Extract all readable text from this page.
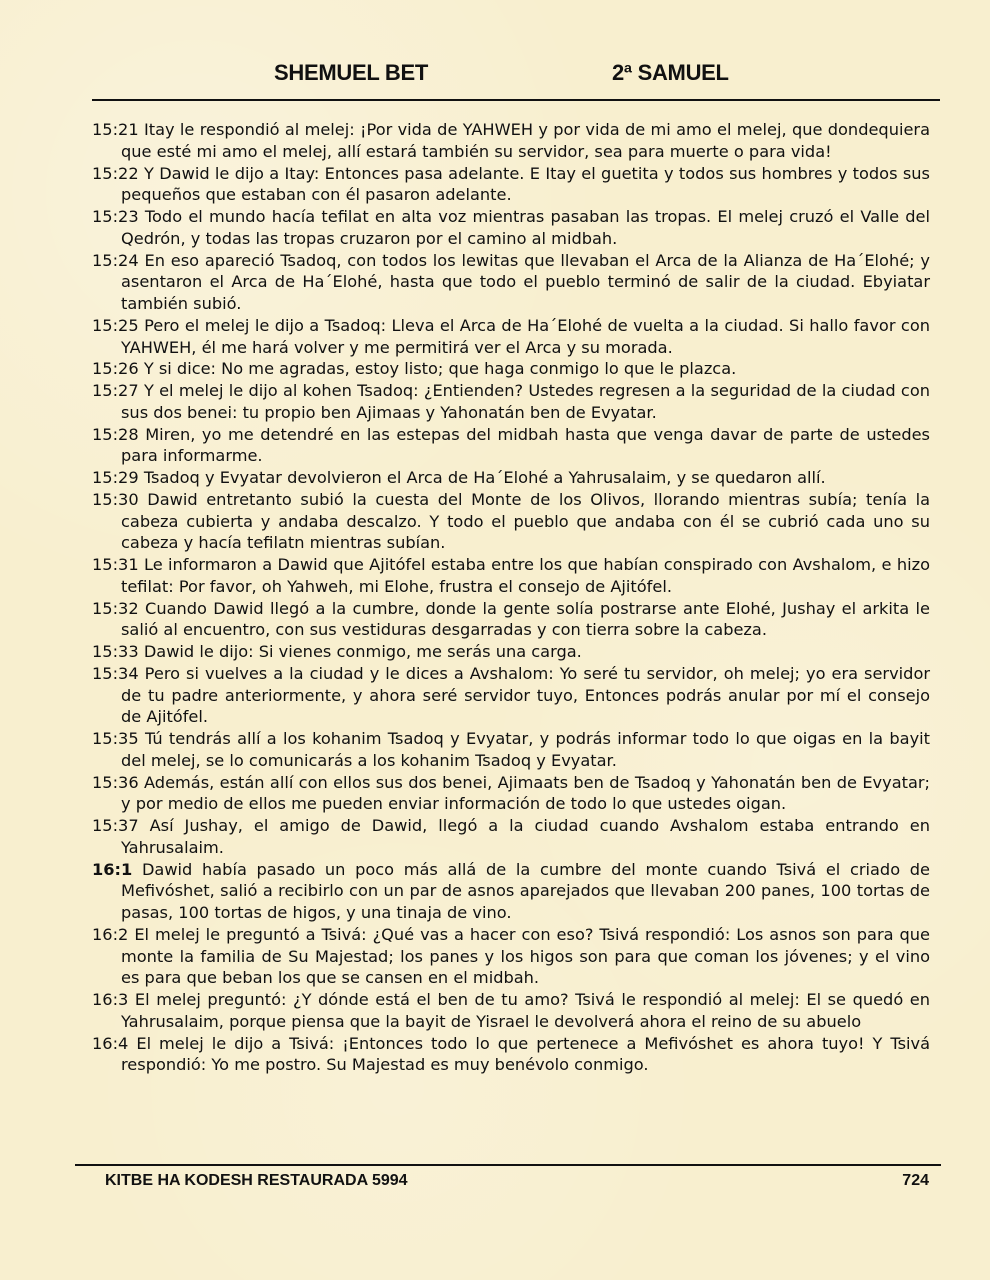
SHEMUEL BET	2ª SAMUEL

15:21 Itay le respondió al melej: ¡Por vida de YAHWEH y por vida de mi amo el melej, que dondequiera que esté mi amo el melej, allí estará también su servidor, sea para muerte o para vida!

15:22 Y Dawid le dijo a Itay: Entonces pasa adelante. E Itay el guetita y todos sus hombres y todos sus pequeños que estaban con él pasaron adelante.

15:23 Todo el mundo hacía tefilat en alta voz mientras pasaban las tropas. El melej cruzó el Valle del Qedrón, y todas las tropas cruzaron por el camino al midbah.

15:24 En eso apareció Tsadoq, con todos los lewitas que llevaban el Arca de la Alianza de Ha´Elohé; y asentaron el Arca de Ha´Elohé, hasta que todo el pueblo terminó de salir de la ciudad. Ebyiatar también subió.

15:25 Pero el melej le dijo a Tsadoq: Lleva el Arca de Ha´Elohé de vuelta a la ciudad. Si hallo favor con YAHWEH, él me hará volver y me permitirá ver el Arca y su morada.

15:26 Y si dice: No me agradas, estoy listo; que haga conmigo lo que le plazca.

15:27 Y el melej le dijo al kohen Tsadoq: ¿Entienden? Ustedes regresen a la seguridad de la ciudad con sus dos benei: tu propio ben Ajimaas y Yahonatán ben de Evyatar.

15:28 Miren, yo me detendré en las estepas del midbah hasta que venga davar de parte de ustedes para informarme.

15:29 Tsadoq y Evyatar devolvieron el Arca de Ha´Elohé a Yahrusalaim, y se quedaron allí.

15:30 Dawid entretanto subió la cuesta del Monte de los Olivos, llorando mientras subía; tenía la cabeza cubierta y andaba descalzo. Y todo el pueblo que andaba con él se cubrió cada uno su cabeza y hacía tefilatn mientras subían.

15:31 Le informaron a Dawid que Ajitófel estaba entre los que habían conspirado con Avshalom, e hizo tefilat: Por favor, oh Yahweh, mi Elohe, frustra el consejo de Ajitófel.

15:32 Cuando Dawid llegó a la cumbre, donde la gente solía postrarse ante Elohé, Jushay el arkita le salió al encuentro, con sus vestiduras desgarradas y con tierra sobre la cabeza.

15:33 Dawid le dijo: Si vienes conmigo, me serás una carga.

15:34 Pero si vuelves a la ciudad y le dices a Avshalom: Yo seré tu servidor, oh melej; yo era servidor de tu padre anteriormente, y ahora seré servidor tuyo, Entonces podrás anular por mí el consejo de Ajitófel.

15:35 Tú tendrás allí a los kohanim Tsadoq y Evyatar, y podrás informar todo lo que oigas en la bayit del melej, se lo comunicarás a los kohanim Tsadoq y Evyatar.

15:36 Además, están allí con ellos sus dos benei, Ajimaats ben de Tsadoq y Yahonatán ben de Evyatar; y por medio de ellos me pueden enviar información de todo lo que ustedes oigan.

15:37 Así Jushay, el amigo de Dawid, llegó a la ciudad cuando Avshalom estaba entrando en Yahrusalaim.

16:1 Dawid había pasado un poco más allá de la cumbre del monte cuando Tsivá el criado de Mefivóshet, salió a recibirlo con un par de asnos aparejados que llevaban 200 panes, 100 tortas de pasas, 100 tortas de higos, y una tinaja de vino.

16:2 El melej le preguntó a Tsivá: ¿Qué vas a hacer con eso? Tsivá respondió: Los asnos son para que monte la familia de Su Majestad; los panes y los higos son para que coman los jóvenes; y el vino es para que beban los que se cansen en el midbah.

16:3 El melej preguntó: ¿Y dónde está el ben de tu amo? Tsivá le respondió al melej: El se quedó en Yahrusalaim, porque piensa que la bayit de Yisrael le devolverá ahora el reino de su abuelo

16:4 El melej le dijo a Tsivá: ¡Entonces todo lo que pertenece a Mefivóshet es ahora tuyo! Y Tsivá respondió: Yo me postro. Su Majestad es muy benévolo conmigo.

KITBE HA KODESH RESTAURADA 5994	724
